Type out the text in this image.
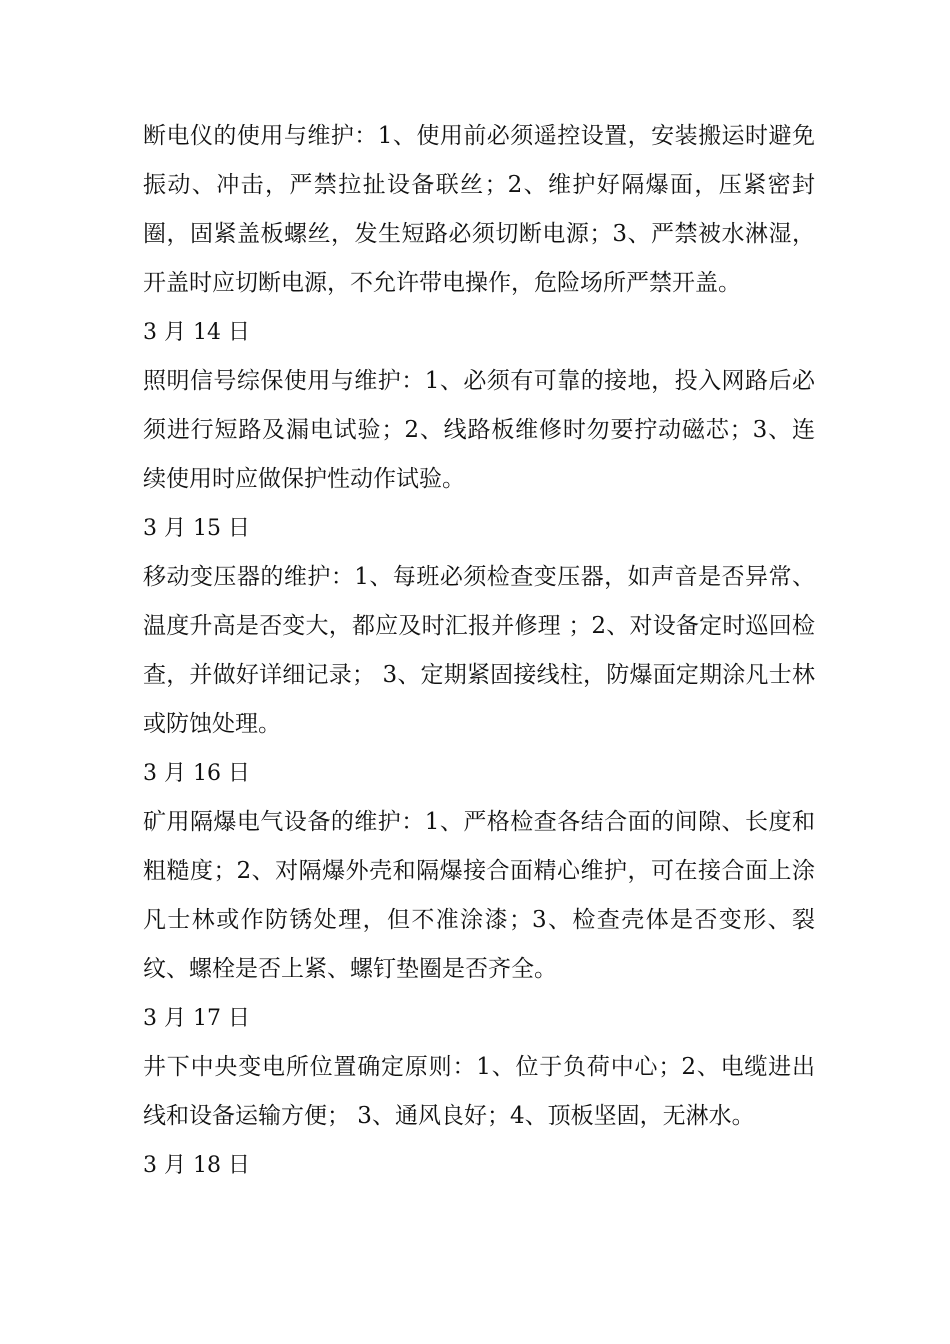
断电仪的使用与维护：1、使用前必须遥控设置，安装搬运时避免振动、冲击，严禁拉扯设备联丝；2、维护好隔爆面，压紧密封圈，固紧盖板螺丝，发生短路必须切断电源；3、严禁被水淋湿，开盖时应切断电源，不允许带电操作，危险场所严禁开盖。

3 月 14 日

照明信号综保使用与维护：1、必须有可靠的接地，投入网路后必须进行短路及漏电试验；2、线路板维修时勿要拧动磁芯；3、连续使用时应做保护性动作试验。

3 月 15 日

移动变压器的维护：1、每班必须检查变压器，如声音是否异常、温度升高是否变大，都应及时汇报并修理 ；2、对设备定时巡回检查，并做好详细记录； 3、定期紧固接线柱，防爆面定期涂凡士林或防蚀处理。

3 月 16 日

矿用隔爆电气设备的维护：1、严格检查各结合面的间隙、长度和粗糙度；2、对隔爆外壳和隔爆接合面精心维护，可在接合面上涂凡士林或作防锈处理，但不准涂漆；3、检查壳体是否变形、裂纹、螺栓是否上紧、螺钉垫圈是否齐全。

3 月 17 日

井下中央变电所位置确定原则：1、位于负荷中心；2、电缆进出线和设备运输方便； 3、通风良好；4、顶板坚固，无淋水。

3 月 18 日
